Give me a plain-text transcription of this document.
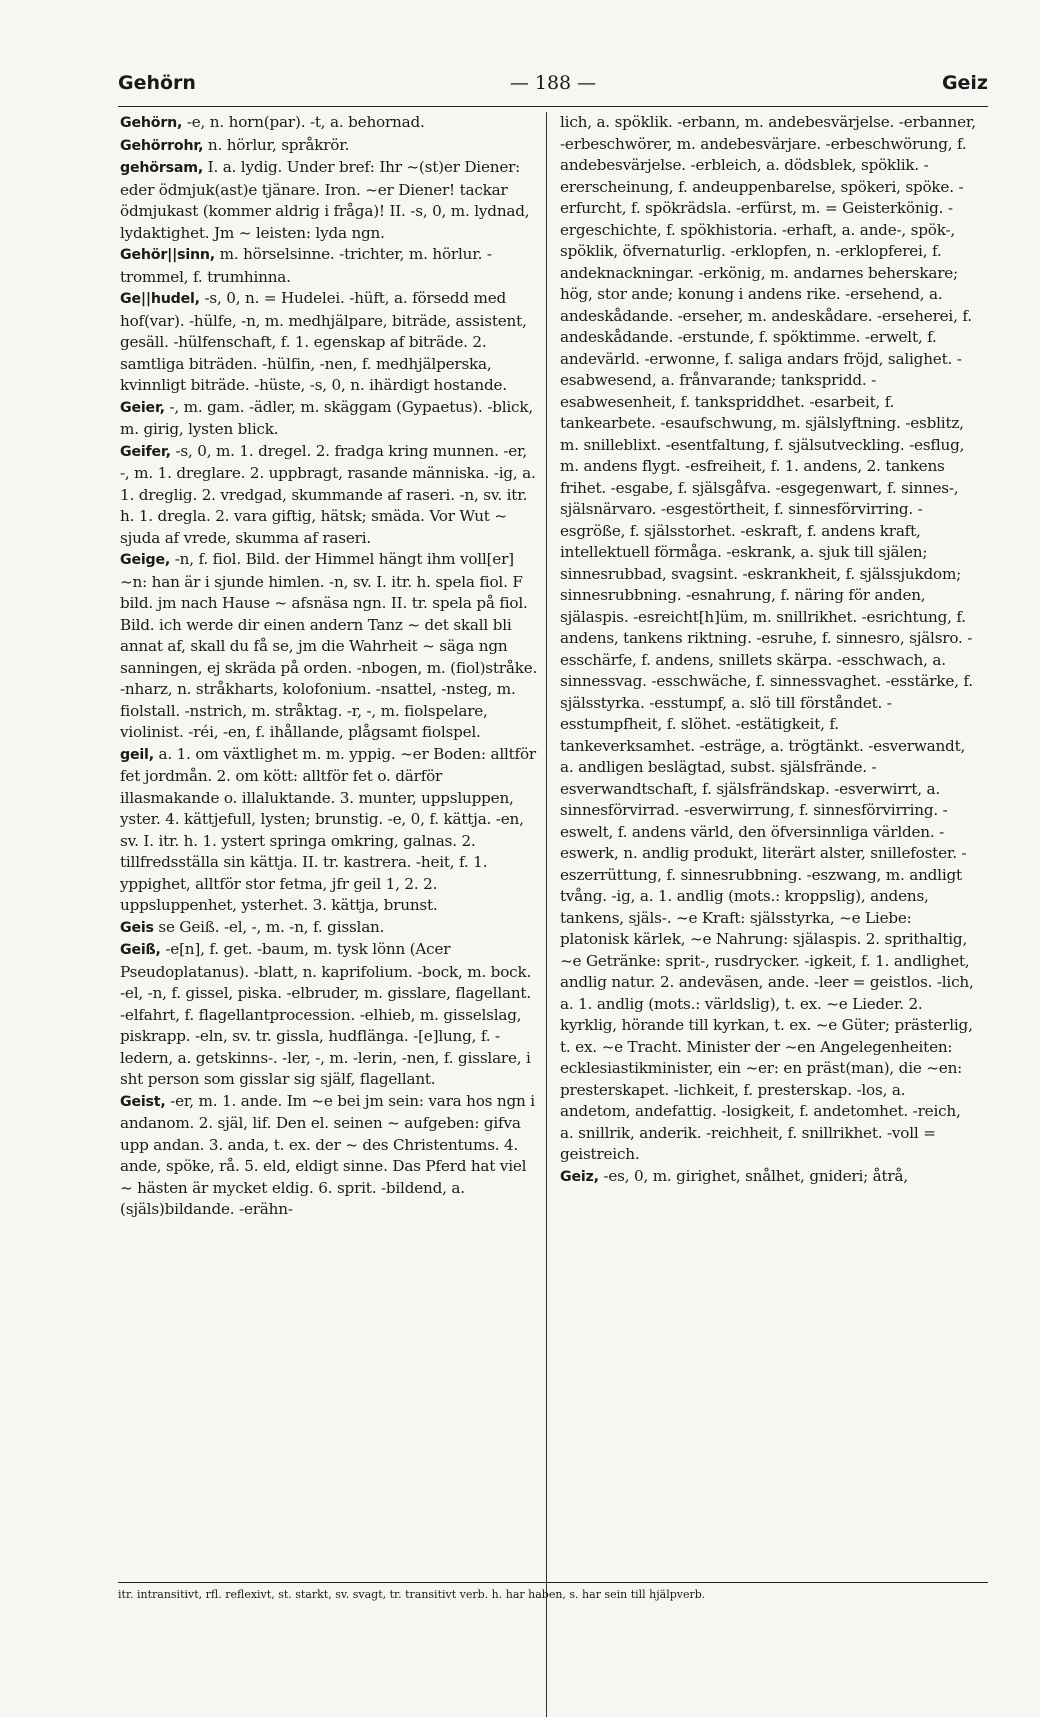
Gehörn	— 188 —	Geiz

Gehörn, -e, n. horn(par). -t, a. behornad.

Gehörrohr, n. hörlur, språkrör.

gehörsam, I. a. lydig. Under bref: Ihr ~(st)er Diener: eder ödmjuk(ast)e tjänare. Iron. ~er Diener! tackar ödmjukast (kommer aldrig i fråga)! II. -s, 0, m. lydnad, lydaktighet. Jm ~ leisten: lyda ngn.

Gehör||sinn, m. hörselsinne. -trichter, m. hörlur. -trommel, f. trumhinna.

Ge||hudel, -s, 0, n. = Hudelei. -hüft, a. försedd med hof(var). -hülfe, -n, m. medhjälpare, biträde, assistent, gesäll. -hülfenschaft, f. 1. egenskap af biträde. 2. samtliga biträden. -hülfin, -nen, f. medhjälperska, kvinnligt biträde. -hüste, -s, 0, n. ihärdigt hostande.

Geier, -, m. gam. -ädler, m. skäggam (Gypaetus). -blick, m. girig, lysten blick.

Geifer, -s, 0, m. 1. dregel. 2. fradga kring munnen. -er, -, m. 1. dreglare. 2. uppbragt, rasande människa. -ig, a. 1. dreglig. 2. vredgad, skummande af raseri. -n, sv. itr. h. 1. dregla. 2. vara giftig, hätsk; smäda. Vor Wut ~ sjuda af vrede, skumma af raseri.

Geige, -n, f. fiol. Bild. der Himmel hängt ihm voll[er] ~n: han är i sjunde himlen. -n, sv. I. itr. h. spela fiol. F bild. jm nach Hause ~ afsnäsa ngn. II. tr. spela på fiol. Bild. ich werde dir einen andern Tanz ~ det skall bli annat af, skall du få se, jm die Wahrheit ~ säga ngn sanningen, ej skräda på orden. -nbogen, m. (fiol)stråke. -nharz, n. stråkharts, kolofonium. -nsattel, -nsteg, m. fiolstall. -nstrich, m. stråktag. -r, -, m. fiolspelare, violinist. -réi, -en, f. ihållande, plågsamt fiolspel.

geil, a. 1. om växtlighet m. m. yppig. ~er Boden: alltför fet jordmån. 2. om kött: alltför fet o. därför illasmakande o. illaluktande. 3. munter, uppsluppen, yster. 4. kättjefull, lysten; brunstig. -e, 0, f. kättja. -en, sv. I. itr. h. 1. ystert springa omkring, galnas. 2. tillfredsställa sin kättja. II. tr. kastrera. -heit, f. 1. yppighet, alltför stor fetma, jfr geil 1, 2. 2. uppsluppenhet, ysterhet. 3. kättja, brunst.

Geis se Geiß. -el, -, m. -n, f. gisslan.

Geiß, -e[n], f. get. -baum, m. tysk lönn (Acer Pseudoplatanus). -blatt, n. kaprifolium. -bock, m. bock. -el, -n, f. gissel, piska. -elbruder, m. gisslare, flagellant. -elfahrt, f. flagellantprocession. -elhieb, m. gisselslag, piskrapp. -eln, sv. tr. gissla, hudflänga. -[e]lung, f. -ledern, a. getskinns-. -ler, -, m. -lerin, -nen, f. gisslare, i sht person som gisslar sig själf, flagellant.

Geist, -er, m. 1. ande. Im ~e bei jm sein: vara hos ngn i andanom. 2. själ, lif. Den el. seinen ~ aufgeben: gifva upp andan. 3. anda, t. ex. der ~ des Christentums. 4. ande, spöke, rå. 5. eld, eldigt sinne. Das Pferd hat viel ~ hästen är mycket eldig. 6. sprit. -bildend, a. (själs)bildande. -erähn-

lich, a. spöklik. -erbann, m. andebesvärjelse. -erbanner, -erbeschwörer, m. andebesvärjare. -erbeschwörung, f. andebesvärjelse. -erbleich, a. dödsblek, spöklik. -ererscheinung, f. andeuppenbarelse, spökeri, spöke. -erfurcht, f. spökrädsla. -erfürst, m. = Geisterkönig. -ergeschichte, f. spökhistoria. -erhaft, a. ande-, spök-, spöklik, öfvernaturlig. -erklopfen, n. -erklopferei, f. andeknackningar. -erkönig, m. andarnes beherskare; hög, stor ande; konung i andens rike. -ersehend, a. andeskådande. -erseher, m. andeskådare. -erseherei, f. andeskådande. -erstunde, f. spöktimme. -erwelt, f. andevärld. -erwonne, f. saliga andars fröjd, salighet. -esabwesend, a. frånvarande; tankspridd. -esabwesenheit, f. tankspriddhet. -esarbeit, f. tankearbete. -esaufschwung, m. själslyftning. -esblitz, m. snilleblixt. -esentfaltung, f. själsutveckling. -esflug, m. andens flygt. -esfreiheit, f. 1. andens, 2. tankens frihet. -esgabe, f. själsgåfva. -esgegenwart, f. sinnes-, själsnärvaro. -esgestörtheit, f. sinnesförvirring. -esgröße, f. själsstorhet. -eskraft, f. andens kraft, intellektuell förmåga. -eskrank, a. sjuk till själen; sinnesrubbad, svagsint. -eskrankheit, f. själssjukdom; sinnesrubbning. -esnahrung, f. näring för anden, själaspis. -esreicht[h]üm, m. snillrikhet. -esrichtung, f. andens, tankens riktning. -esruhe, f. sinnesro, själsro. -esschärfe, f. andens, snillets skärpa. -esschwach, a. sinnessvag. -esschwäche, f. sinnessvaghet. -esstärke, f. själsstyrka. -esstumpf, a. slö till förståndet. -esstumpfheit, f. slöhet. -estätigkeit, f. tankeverksamhet. -esträge, a. trögtänkt. -esverwandt, a. andligen beslägtad, subst. själsfrände. -esverwandtschaft, f. själsfrändskap. -esverwirrt, a. sinnesförvirrad. -esverwirrung, f. sinnesförvirring. -eswelt, f. andens värld, den öfversinnliga världen. -eswerk, n. andlig produkt, literärt alster, snillefoster. -eszerrüttung, f. sinnesrubbning. -eszwang, m. andligt tvång. -ig, a. 1. andlig (mots.: kroppslig), andens, tankens, själs-. ~e Kraft: själsstyrka, ~e Liebe: platonisk kärlek, ~e Nahrung: själaspis. 2. sprithaltig, ~e Getränke: sprit-, rusdrycker. -igkeit, f. 1. andlighet, andlig natur. 2. andeväsen, ande. -leer = geistlos. -lich, a. 1. andlig (mots.: världslig), t. ex. ~e Lieder. 2. kyrklig, hörande till kyrkan, t. ex. ~e Güter; prästerlig, t. ex. ~e Tracht. Minister der ~en Angelegenheiten: ecklesiastikminister, ein ~er: en präst(man), die ~en: presterskapet. -lichkeit, f. presterskap. -los, a. andetom, andefattig. -losigkeit, f. andetomhet. -reich, a. snillrik, anderik. -reichheit, f. snillrikhet. -voll = geistreich.

Geiz, -es, 0, m. girighet, snålhet, gnideri; åtrå,

itr. intransitivt, rfl. reflexivt, st. starkt, sv. svagt, tr. transitivt verb. h. har haben, s. har sein till hjälpverb.
